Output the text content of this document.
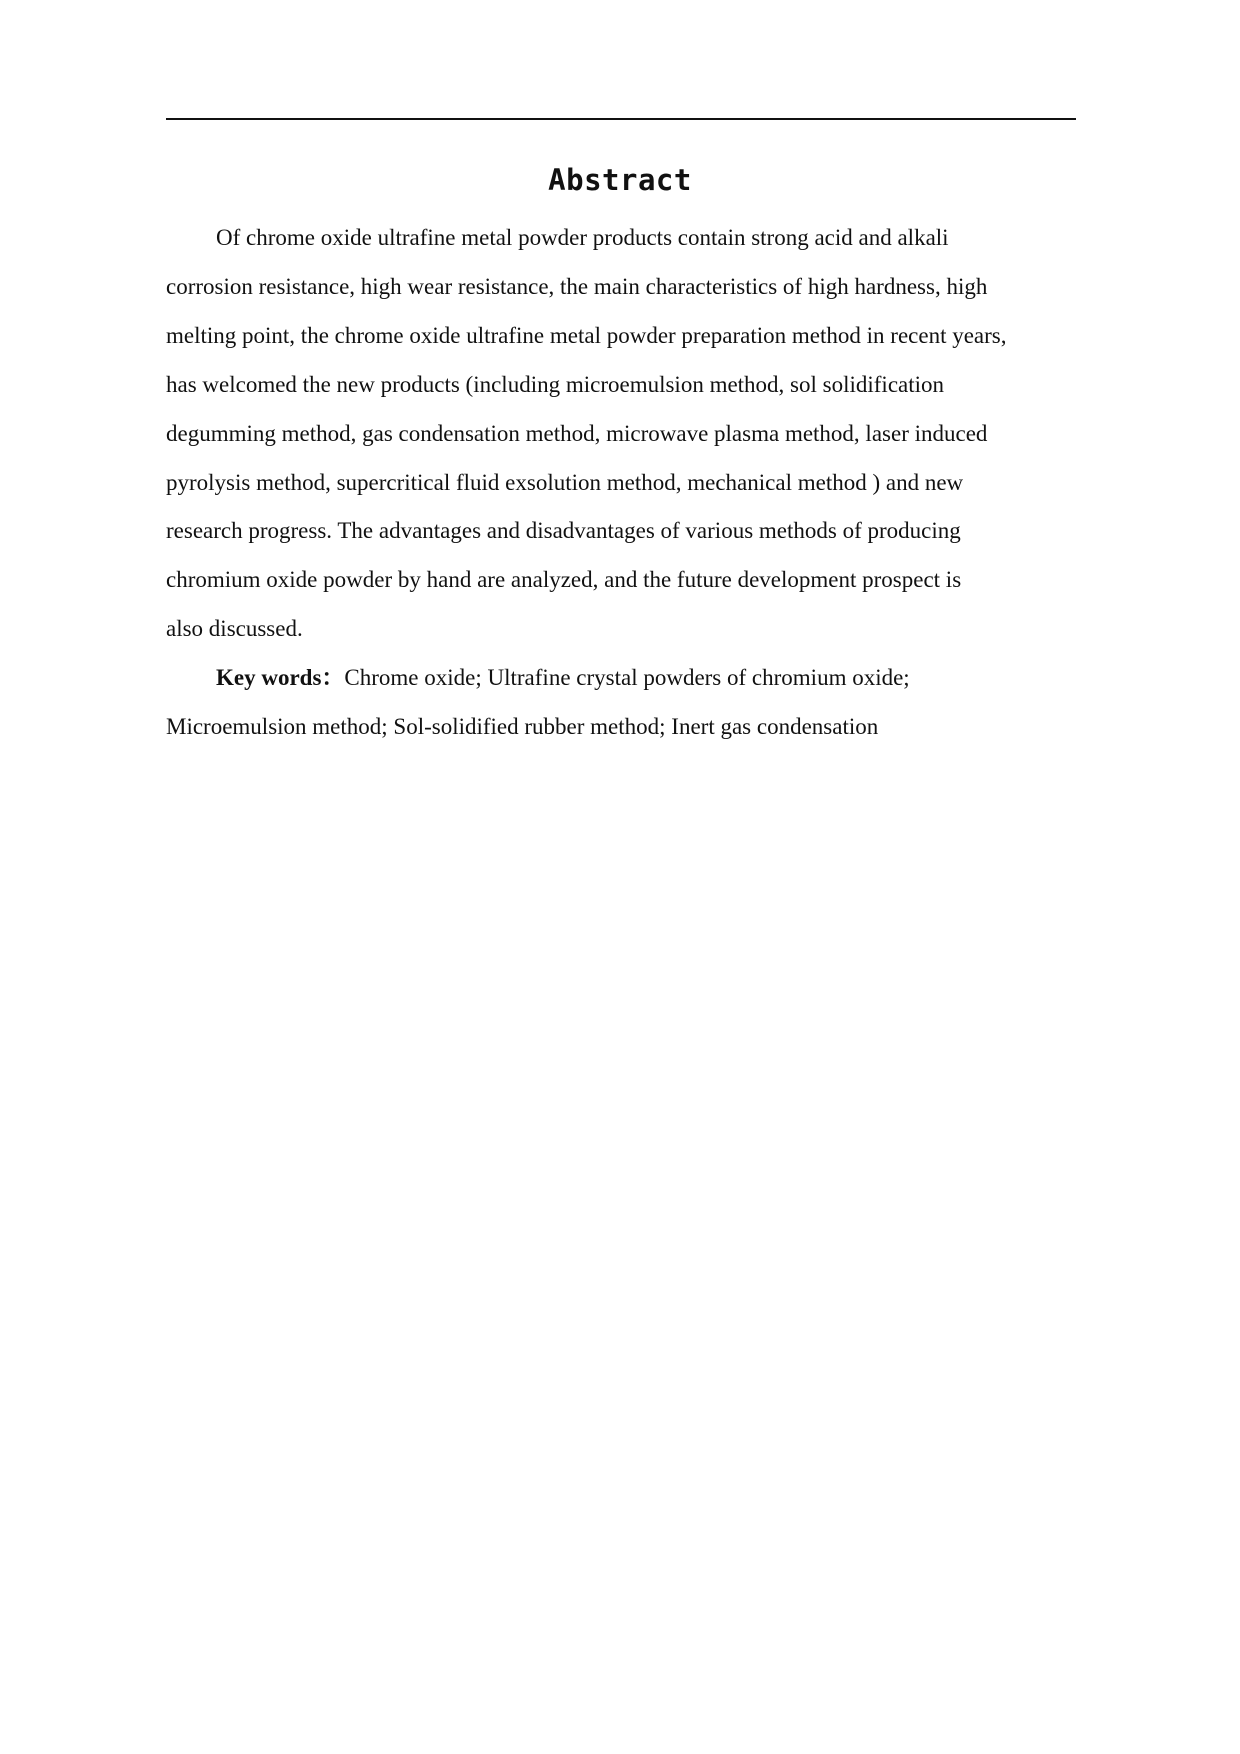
Abstract

Of chrome oxide ultrafine metal powder products contain strong acid and alkali
corrosion resistance, high wear resistance, the main characteristics of high hardness, high
melting point, the chrome oxide ultrafine metal powder preparation method in recent years,
has welcomed the new products (including microemulsion method, sol solidification
degumming method, gas condensation method, microwave plasma method, laser induced
pyrolysis method, supercritical fluid exsolution method, mechanical method ) and new
research progress. The advantages and disadvantages of various methods of producing
chromium oxide powder by hand are analyzed, and the future development prospect is
also discussed.

Key words：Chrome oxide; Ultrafine crystal powders of chromium oxide;
Microemulsion method; Sol-solidified rubber method; Inert gas condensation
